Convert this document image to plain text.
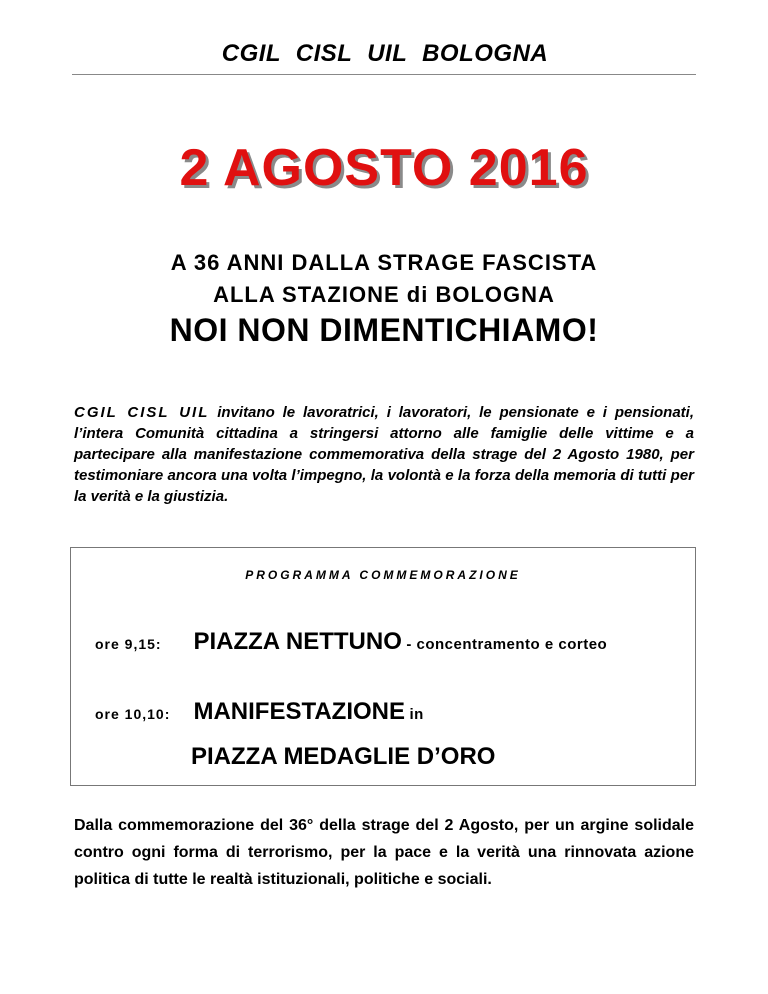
CGIL CISL UIL BOLOGNA
2 AGOSTO 2016
A 36 ANNI DALLA STRAGE FASCISTA
ALLA STAZIONE di BOLOGNA
NOI NON DIMENTICHIAMO!
CGIL CISL UIL invitano le lavoratrici, i lavoratori, le pensionate e i pensionati, l’intera Comunità cittadina a stringersi attorno alle famiglie delle vittime e a partecipare alla manifestazione commemorativa della strage del 2 Agosto 1980, per testimoniare ancora una volta l’impegno, la volontà e la forza della memoria di tutti per la verità e la giustizia.
PROGRAMMA COMMEMORAZIONE
ore 9,15: PIAZZA NETTUNO - concentramento e corteo
ore 10,10: MANIFESTAZIONE in
PIAZZA MEDAGLIE D’ORO
Dalla commemorazione del 36° della strage del 2 Agosto, per un argine solidale contro ogni forma di terrorismo, per la pace e la verità una rinnovata azione politica di tutte le realtà istituzionali, politiche e sociali.
